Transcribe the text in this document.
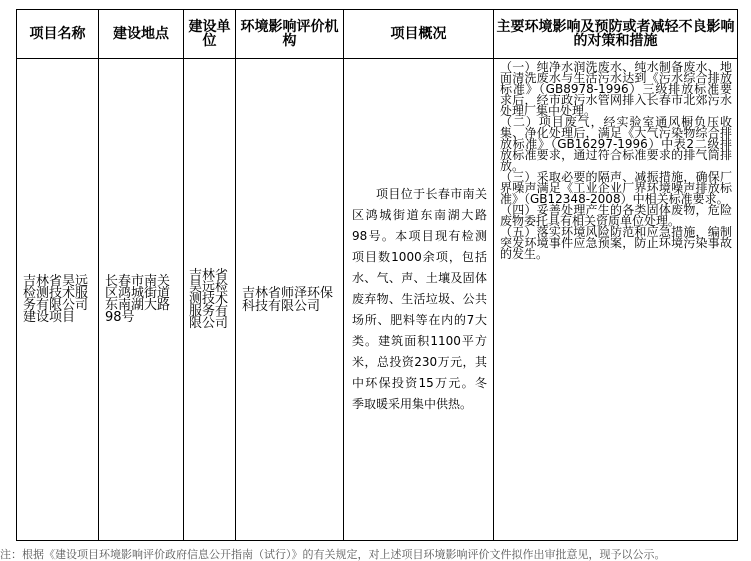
项目名称	建设地点	建设单位	环境影响评价机构	项目概况	主要环境影响及预防或者减轻不良影响的对策和措施
吉林省昊远检测技术服务有限公司建设项目	长春市南关区鸿城街道东南湖大路98号	吉林省昊远检测技术服务有限公司	吉林省师泽环保科技有限公司	项目位于长春市南关区鸿城街道东南湖大路98号。本项目现有检测项目数1000余项，包括水、气、声、土壤及固体废弃物、生活垃圾、公共场所、肥料等在内的7大类。建筑面积1100平方米，总投资230万元，其中环保投资15万元。冬季取暖采用集中供热。	（一）纯净水润洗废水、纯水制备废水、地面清洗废水与生活污水达到《污水综合排放标准》（GB8978-1996）三级排放标准要求后，经市政污水管网排入长春市北郊污水处理厂集中处理。

（二）项目废气，经实验室通风橱负压收集、净化处理后，满足《大气污染物综合排放标准》（GB16297-1996）中表2二级排放标准要求，通过符合标准要求的排气筒排放。

（三）采取必要的隔声、减振措施，确保厂界噪声满足《工业企业厂界环境噪声排放标准》（GB12348-2008）中相关标准要求。

（四）妥善处理产生的各类固体废物，危险废物委托具有相关资质单位处理。

（五）落实环境风险防范和应急措施，编制突发环境事件应急预案，防止环境污染事故的发生。

注：根据《建设项目环境影响评价政府信息公开指南（试行）》的有关规定，对上述项目环境影响评价文件拟作出审批意见，现予以公示。
